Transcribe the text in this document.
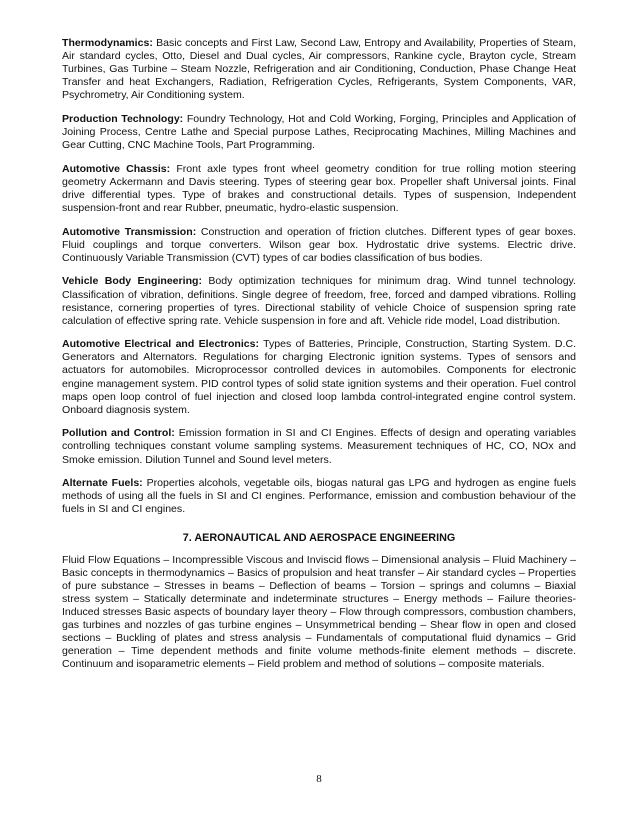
Thermodynamics: Basic concepts and First Law, Second Law, Entropy and Availability, Properties of Steam, Air standard cycles, Otto, Diesel and Dual cycles, Air compressors, Rankine cycle, Brayton cycle, Stream Turbines, Gas Turbine – Steam Nozzle, Refrigeration and air Conditioning, Conduction, Phase Change Heat Transfer and heat Exchangers, Radiation, Refrigeration Cycles, Refrigerants, System Components, VAR, Psychrometry, Air Conditioning system.

Production Technology: Foundry Technology, Hot and Cold Working, Forging, Principles and Application of Joining Process, Centre Lathe and Special purpose Lathes, Reciprocating Machines, Milling Machines and Gear Cutting, CNC Machine Tools, Part Programming.

Automotive Chassis: Front axle types front wheel geometry condition for true rolling motion steering geometry Ackermann and Davis steering. Types of steering gear box. Propeller shaft Universal joints. Final drive differential types. Type of brakes and constructional details. Types of suspension, Independent suspension-front and rear Rubber, pneumatic, hydro-elastic suspension.

Automotive Transmission: Construction and operation of friction clutches. Different types of gear boxes. Fluid couplings and torque converters. Wilson gear box. Hydrostatic drive systems. Electric drive. Continuously Variable Transmission (CVT) types of car bodies classification of bus bodies.

Vehicle Body Engineering: Body optimization techniques for minimum drag. Wind tunnel technology. Classification of vibration, definitions. Single degree of freedom, free, forced and damped vibrations. Rolling resistance, cornering properties of tyres. Directional stability of vehicle Choice of suspension spring rate calculation of effective spring rate. Vehicle suspension in fore and aft. Vehicle ride model, Load distribution.

Automotive Electrical and Electronics: Types of Batteries, Principle, Construction, Starting System. D.C. Generators and Alternators. Regulations for charging Electronic ignition systems. Types of sensors and actuators for automobiles. Microprocessor controlled devices in automobiles. Components for electronic engine management system. PID control types of solid state ignition systems and their operation. Fuel control maps open loop control of fuel injection and closed loop lambda control-integrated engine control system. Onboard diagnosis system.

Pollution and Control: Emission formation in SI and CI Engines. Effects of design and operating variables controlling techniques constant volume sampling systems. Measurement techniques of HC, CO, NOx and Smoke emission. Dilution Tunnel and Sound level meters.

Alternate Fuels: Properties alcohols, vegetable oils, biogas natural gas LPG and hydrogen as engine fuels methods of using all the fuels in SI and CI engines. Performance, emission and combustion behaviour of the fuels in SI and CI engines.

7. AERONAUTICAL AND AEROSPACE ENGINEERING

Fluid Flow Equations – Incompressible Viscous and Inviscid flows – Dimensional analysis – Fluid Machinery – Basic concepts in thermodynamics – Basics of propulsion and heat transfer – Air standard cycles – Properties of pure substance – Stresses in beams – Deflection of beams – Torsion – springs and columns – Biaxial stress system – Statically determinate and indeterminate structures – Energy methods – Failure theories- Induced stresses Basic aspects of boundary layer theory – Flow through compressors, combustion chambers, gas turbines and nozzles of gas turbine engines – Unsymmetrical bending – Shear flow in open and closed sections – Buckling of plates and stress analysis – Fundamentals of computational fluid dynamics – Grid generation – Time dependent methods and finite volume methods-finite element methods – discrete. Continuum and isoparametric elements – Field problem and method of solutions – composite materials.

8
